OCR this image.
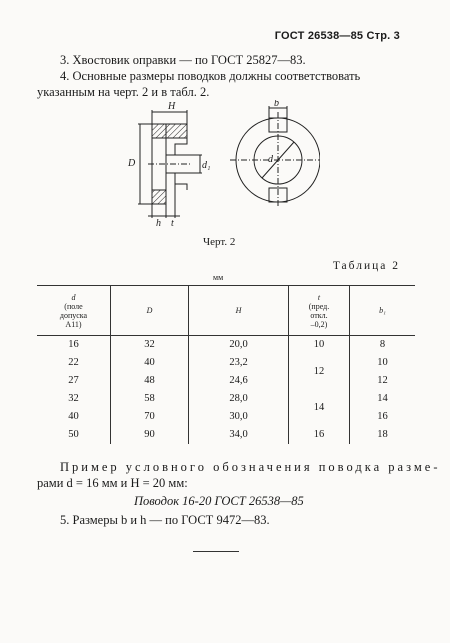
ГОСТ 26538—85 Стр. 3
3. Хвостовик оправки — по ГОСТ 25827—83.
4. Основные размеры поводков должны соответствовать
указанным на черт. 2 и в табл. 2.
H
D	d₁
h t
b
d
Черт. 2
Таблица 2
мм
d
(поле
допуска
A11)	D	H	t
(пред.
откл.
–0,2)	b₁
16	32	20,0	10	8
22	40	23,2	12	10
27	48	24,6		12
32	58	28,0	14	14
40	70	30,0		16
50	90	34,0	16	18
Пример условного обозначения поводка разме-
рами d = 16 мм и H = 20 мм:
Поводок 16-20 ГОСТ 26538—85
5. Размеры b и h — по ГОСТ 9472—83.
